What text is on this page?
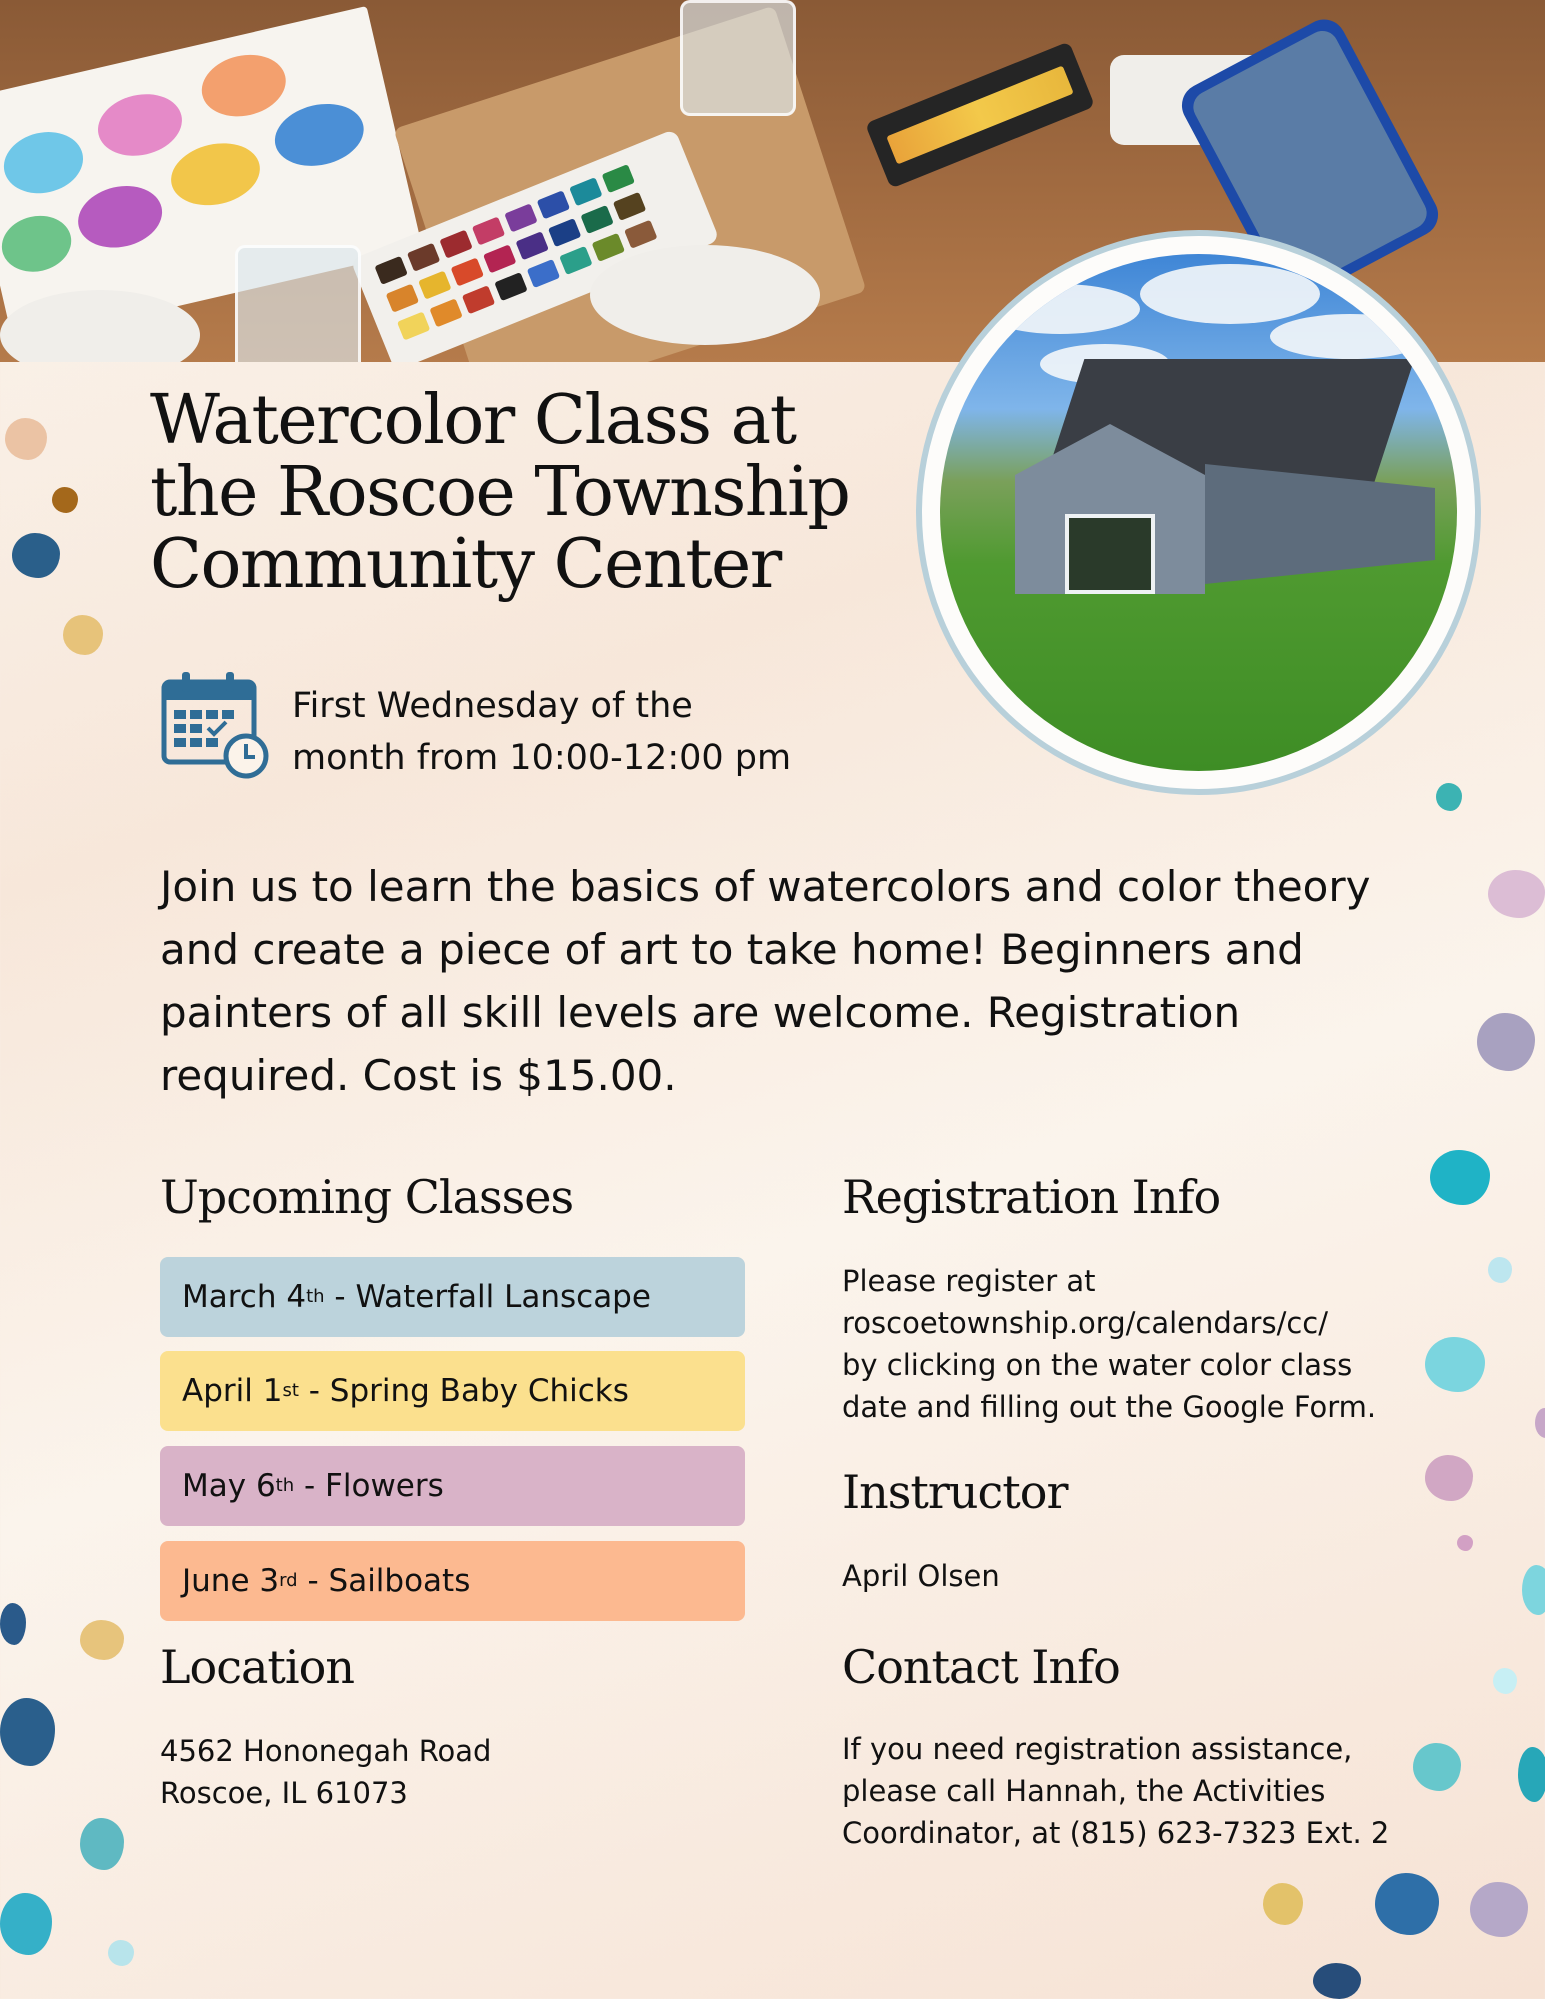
Watercolor Class at
the Roscoe Township
Community Center

First Wednesday of the
month from 10:00-12:00 pm

Join us to learn the basics of watercolors and color theory and create a piece of art to take home! Beginners and painters of all skill levels are welcome. Registration required. Cost is $15.00.

Upcoming Classes
March 4 th - Waterfall Lanscape
April 1 st - Spring Baby Chicks
May 6 th - Flowers
June 3 rd - Sailboats
Location

4562 Hononegah Road
Roscoe, IL 61073

Registration Info

Please register at
roscoetownship.org/calendars/cc/
by clicking on the water color class
date and filling out the Google Form.

Instructor

April Olsen

Contact Info

If you need registration assistance,
please call Hannah, the Activities
Coordinator, at (815) 623-7323 Ext. 2
